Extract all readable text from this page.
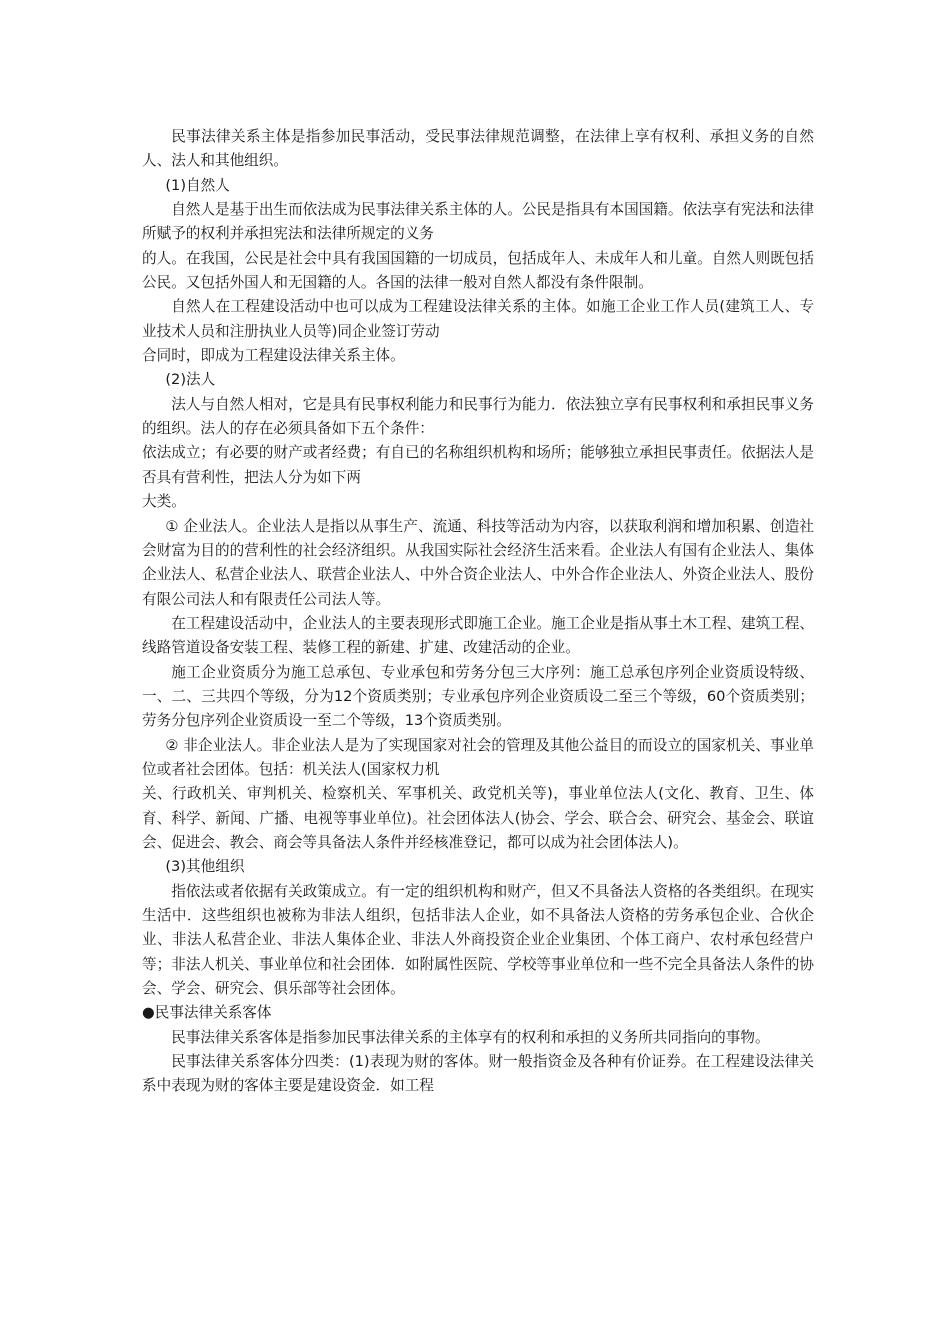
民事法律关系主体是指参加民事活动，受民事法律规范调整，在法律上享有权利、承担义务的自然人、法人和其他组织。

(1)自然人

自然人是基于出生而依法成为民事法律关系主体的人。公民是指具有本国国籍。依法享有宪法和法律所赋予的权利并承担宪法和法律所规定的义务

的人。在我国，公民是社会中具有我国国籍的一切成员，包括成年人、未成年人和儿童。自然人则既包括公民。又包括外国人和无国籍的人。各国的法律一般对自然人都没有条件限制。

自然人在工程建设活动中也可以成为工程建设法律关系的主体。如施工企业工作人员(建筑工人、专业技术人员和注册执业人员等)同企业签订劳动

合同时，即成为工程建设法律关系主体。

(2)法人

法人与自然人相对，它是具有民事权利能力和民事行为能力．依法独立享有民事权利和承担民事义务的组织。法人的存在必须具备如下五个条件：

依法成立；有必要的财产或者经费；有自已的名称组织机构和场所；能够独立承担民事责任。依据法人是否具有营利性，把法人分为如下两

大类。

① 企业法人。企业法人是指以从事生产、流通、科技等活动为内容，以获取利润和增加积累、创造社会财富为目的的营利性的社会经济组织。从我国实际社会经济生活来看。企业法人有国有企业法人、集体企业法人、私营企业法人、联营企业法人、中外合资企业法人、中外合作企业法人、外资企业法人、股份有限公司法人和有限责任公司法人等。

在工程建设活动中，企业法人的主要表现形式即施工企业。施工企业是指从事土木工程、建筑工程、线路管道设备安装工程、装修工程的新建、扩建、改建活动的企业。

施工企业资质分为施工总承包、专业承包和劳务分包三大序列：施工总承包序列企业资质设特级、一、二、三共四个等级，分为12个资质类别；专业承包序列企业资质设二至三个等级，60个资质类别；劳务分包序列企业资质设一至二个等级，13个资质类别。

② 非企业法人。非企业法人是为了实现国家对社会的管理及其他公益目的而设立的国家机关、事业单位或者社会团体。包括：机关法人(国家权力机

关、行政机关、审判机关、检察机关、军事机关、政党机关等)，事业单位法人(文化、教育、卫生、体育、科学、新闻、广播、电视等事业单位)。社会团体法人(协会、学会、联合会、研究会、基金会、联谊会、促进会、教会、商会等具备法人条件并经核准登记，都可以成为社会团体法人)。

(3)其他组织

指依法或者依据有关政策成立。有一定的组织机构和财产，但又不具备法人资格的各类组织。在现实生活中．这些组织也被称为非法人组织，包括非法人企业，如不具备法人资格的劳务承包企业、合伙企业、非法人私营企业、非法人集体企业、非法人外商投资企业企业集团、个体工商户、农村承包经营户等；非法人机关、事业单位和社会团体．如附属性医院、学校等事业单位和一些不完全具备法人条件的协会、学会、研究会、俱乐部等社会团体。

●民事法律关系客体

民事法律关系客体是指参加民事法律关系的主体享有的权利和承担的义务所共同指向的事物。

民事法律关系客体分四类：(1)表现为财的客体。财一般指资金及各种有价证券。在工程建设法律关系中表现为财的客体主要是建设资金．如工程
